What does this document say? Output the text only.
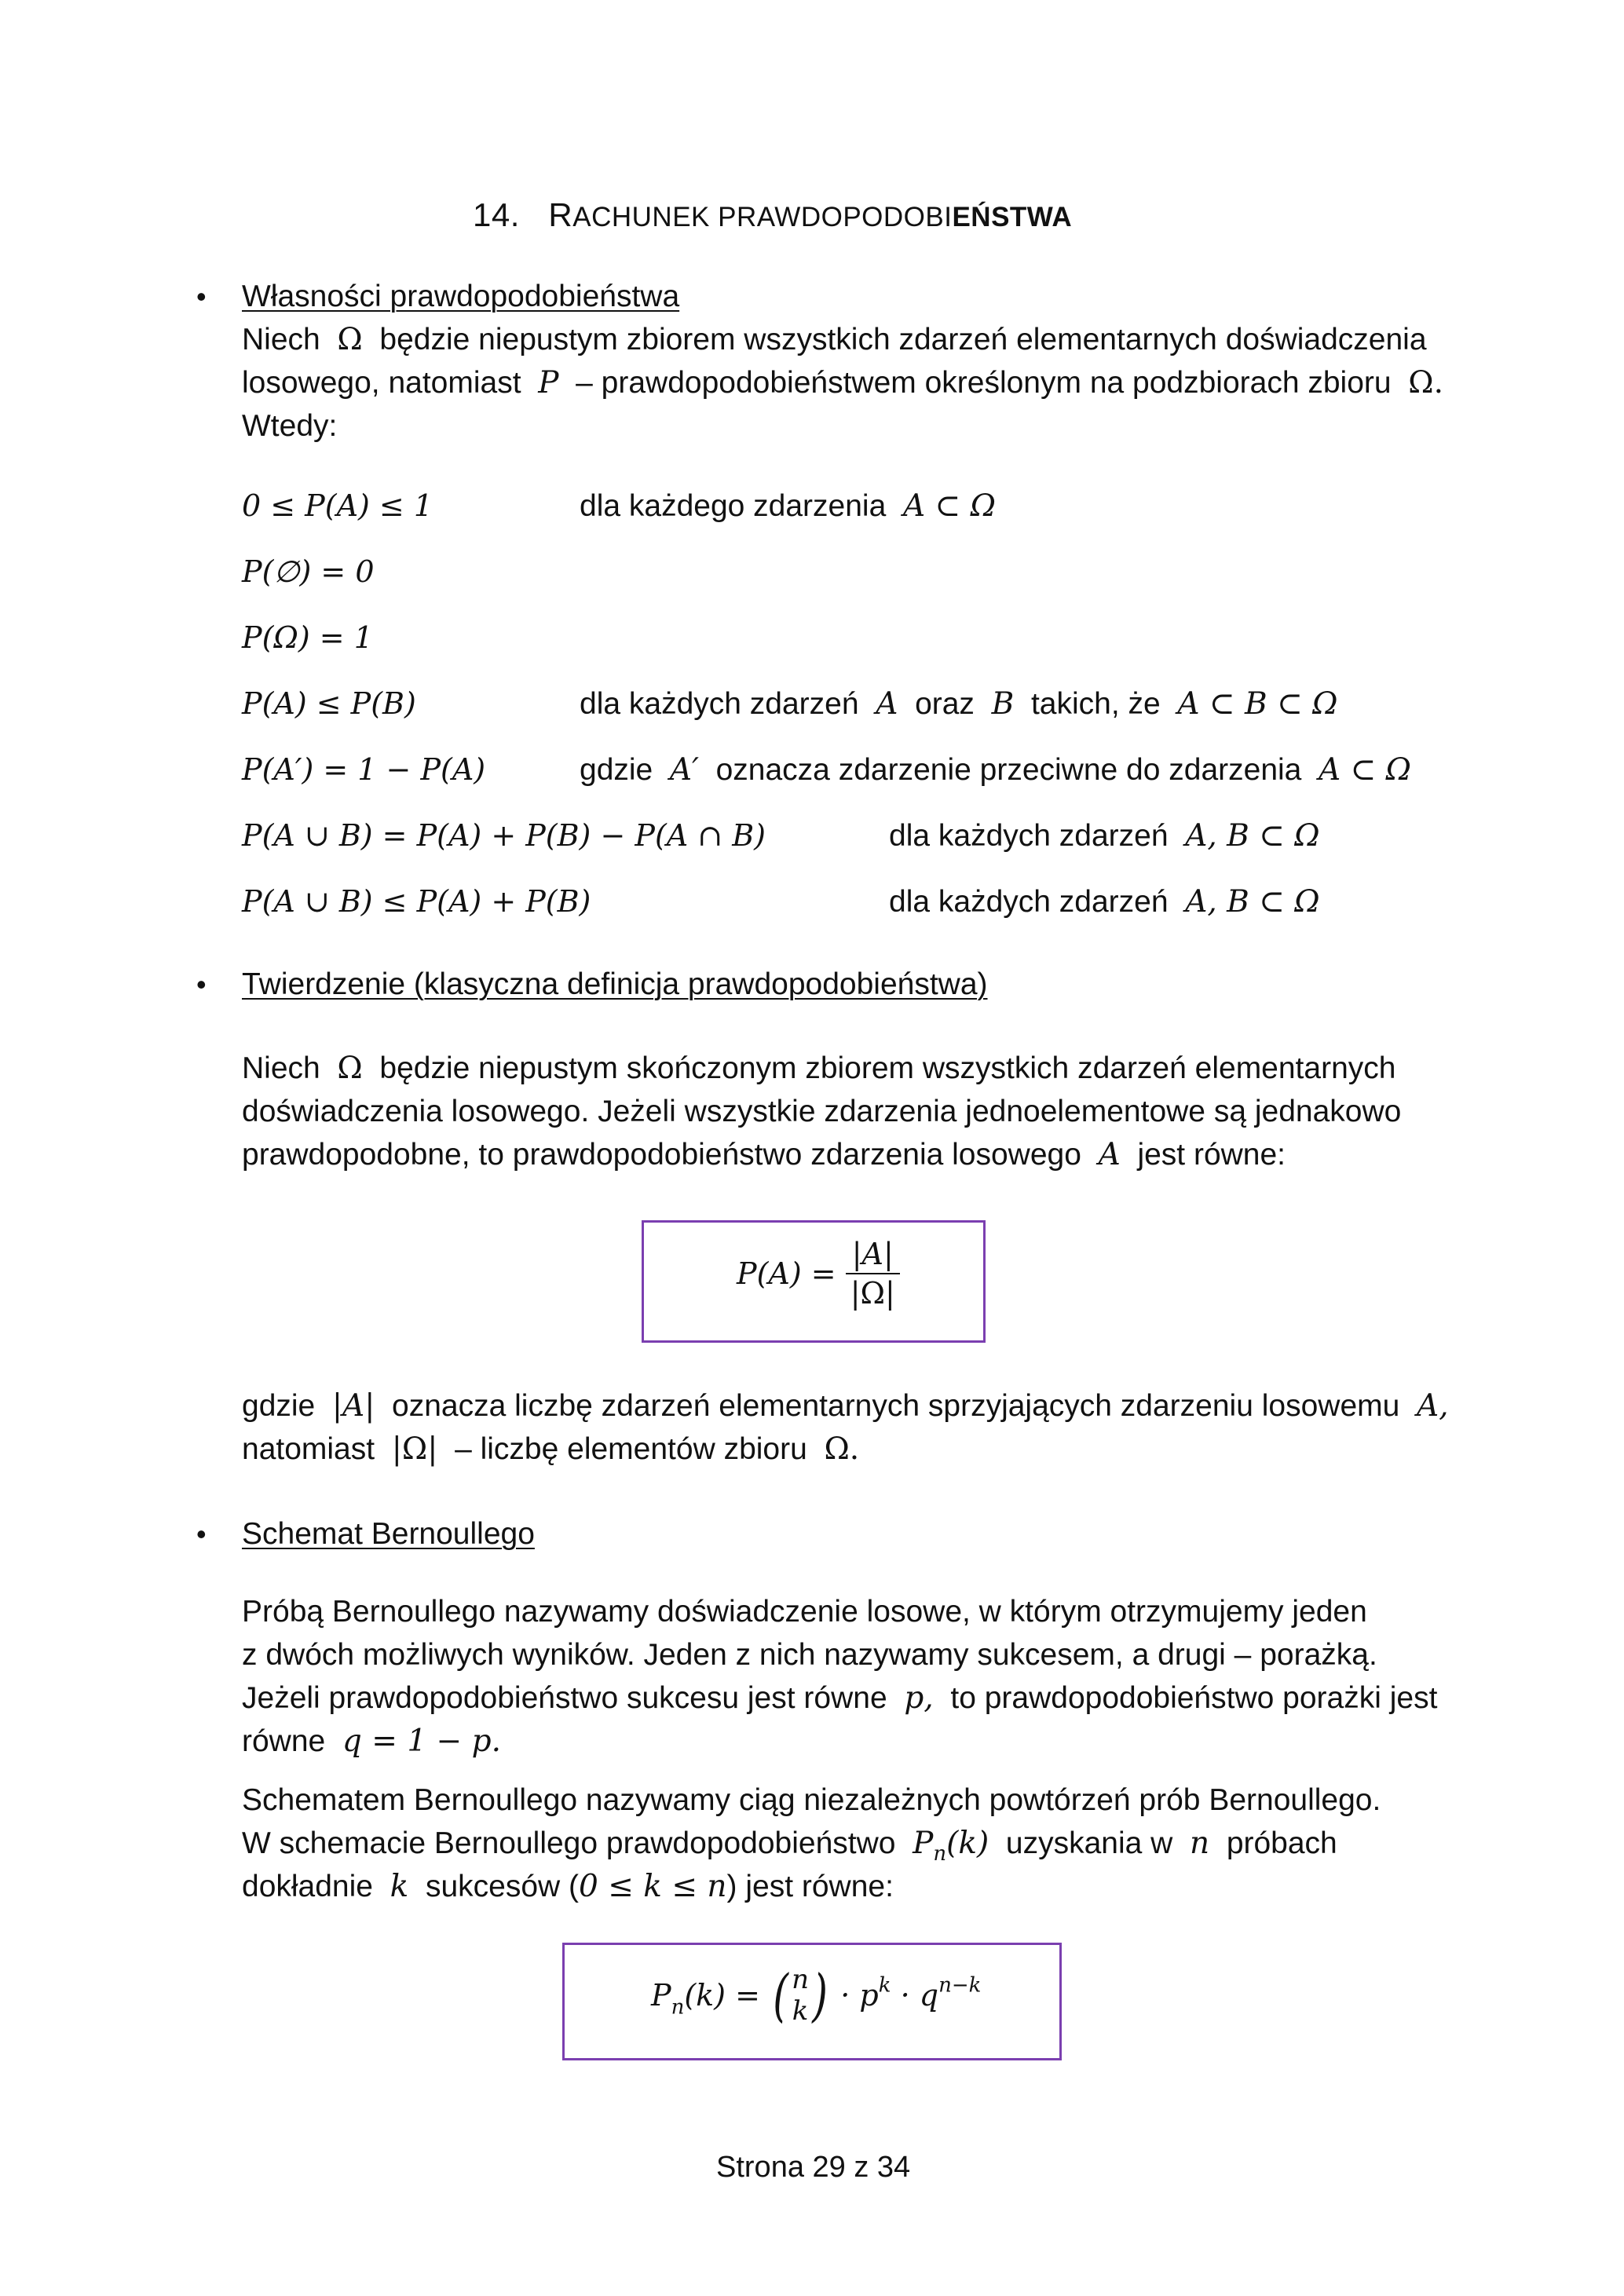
14. RACHUNEK PRAWDOPODOBIEŃSTWA
• Własności prawdopodobieństwa
Niech Ω będzie niepustym zbiorem wszystkich zdarzeń elementarnych doświadczenia
losowego, natomiast P – prawdopodobieństwem określonym na podzbiorach zbioru Ω.
Wtedy:
0 ≤ P(A) ≤ 1	dla każdego zdarzenia A ⊂ Ω
P(∅) = 0
P(Ω) = 1
P(A) ≤ P(B)	dla każdych zdarzeń A oraz B takich, że A ⊂ B ⊂ Ω
P(A′) = 1 − P(A)	gdzie A′ oznacza zdarzenie przeciwne do zdarzenia A ⊂ Ω
P(A ∪ B) = P(A) + P(B) − P(A ∩ B)	dla każdych zdarzeń A, B ⊂ Ω
P(A ∪ B) ≤ P(A) + P(B)	dla każdych zdarzeń A, B ⊂ Ω
• Twierdzenie (klasyczna definicja prawdopodobieństwa)
Niech Ω będzie niepustym skończonym zbiorem wszystkich zdarzeń elementarnych
doświadczenia losowego. Jeżeli wszystkie zdarzenia jednoelementowe są jednakowo
prawdopodobne, to prawdopodobieństwo zdarzenia losowego A jest równe:
$P(A) = \frac{|A|}{|\Omega|}$
gdzie |A| oznacza liczbę zdarzeń elementarnych sprzyjających zdarzeniu losowemu A,
natomiast |Ω| – liczbę elementów zbioru Ω.
• Schemat Bernoullego
Próbą Bernoullego nazywamy doświadczenie losowe, w którym otrzymujemy jeden
z dwóch możliwych wyników. Jeden z nich nazywamy sukcesem, a drugi – porażką.
Jeżeli prawdopodobieństwo sukcesu jest równe p, to prawdopodobieństwo porażki jest
równe q = 1 − p.
Schematem Bernoullego nazywamy ciąg niezależnych powtórzeń prób Bernoullego.
W schemacie Bernoullego prawdopodobieństwo $P_n(k)$ uzyskania w n próbach
dokładnie k sukcesów (0 ≤ k ≤ n) jest równe:
$P_n(k)$ = ( n
k ) · $p^k \cdot q^{n-k}$
Strona 29 z 34
